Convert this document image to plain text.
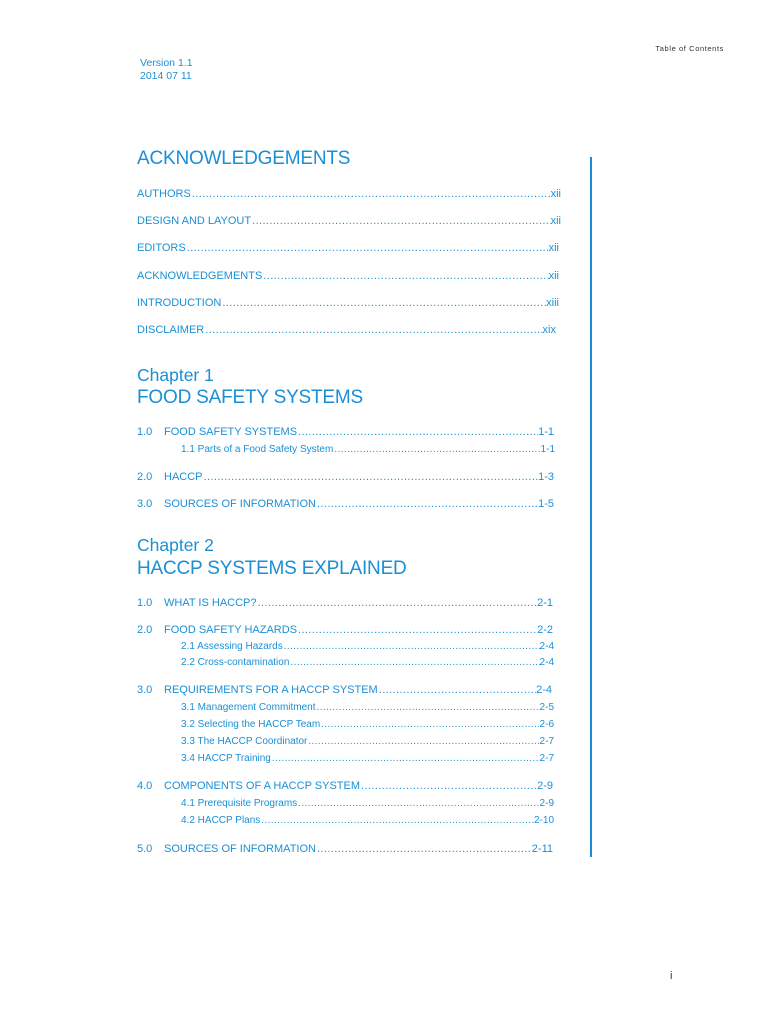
Table of Contents
Version 1.1
2014 07 11
ACKNOWLEDGEMENTS
AUTHORS .....	xii
DESIGN AND LAYOUT .....	xii
EDITORS .....	xii
ACKNOWLEDGEMENTS .....	xii
INTRODUCTION .....	xiii
DISCLAIMER .....	xix
Chapter 1
FOOD SAFETY SYSTEMS
1.0	FOOD SAFETY SYSTEMS .....	1-1
1.1 Parts of a Food Safety System .....	1-1
2.0	HACCP .....	1-3
3.0	SOURCES OF INFORMATION .....	1-5
Chapter 2
HACCP SYSTEMS EXPLAINED
1.0	WHAT IS HACCP? .....	2-1
2.0	FOOD SAFETY HAZARDS .....	2-2
2.1 Assessing Hazards .....	2-4
2.2 Cross-contamination .....	2-4
3.0	REQUIREMENTS FOR A HACCP SYSTEM .....	2-4
3.1 Management Commitment .....	2-5
3.2 Selecting the HACCP Team .....	2-6
3.3 The HACCP Coordinator .....	2-7
3.4 HACCP Training .....	2-7
4.0	COMPONENTS OF A HACCP SYSTEM .....	2-9
4.1 Prerequisite Programs .....	2-9
4.2 HACCP Plans .....	2-10
5.0	SOURCES OF INFORMATION .....	2-11
i
